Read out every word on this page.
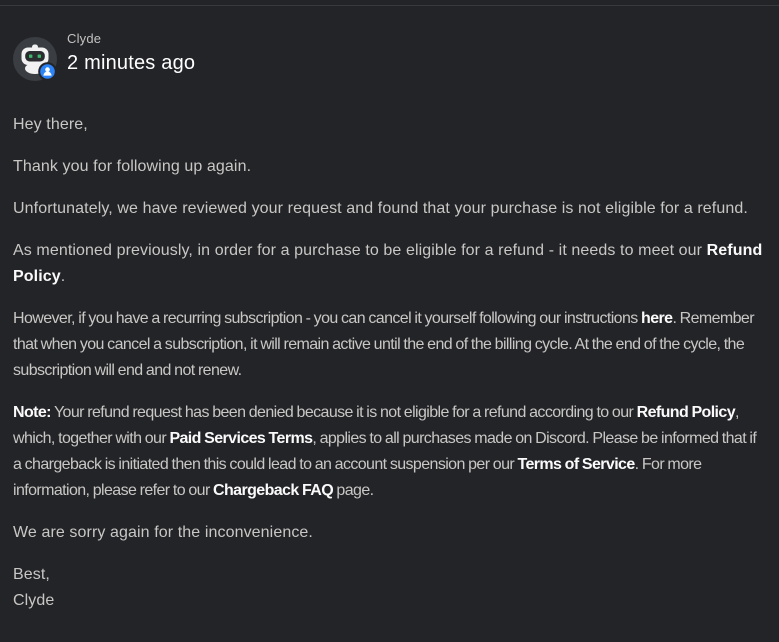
Clyde
2 minutes ago

Hey there,

Thank you for following up again.

Unfortunately, we have reviewed your request and found that your purchase is not eligible for a refund.

As mentioned previously, in order for a purchase to be eligible for a refund - it needs to meet our Refund Policy.

However, if you have a recurring subscription - you can cancel it yourself following our instructions here. Remember that when you cancel a subscription, it will remain active until the end of the billing cycle. At the end of the cycle, the subscription will end and not renew.

Note: Your refund request has been denied because it is not eligible for a refund according to our Refund Policy, which, together with our Paid Services Terms, applies to all purchases made on Discord. Please be informed that if a chargeback is initiated then this could lead to an account suspension per our Terms of Service. For more information, please refer to our Chargeback FAQ page.

We are sorry again for the inconvenience.

Best,
Clyde
